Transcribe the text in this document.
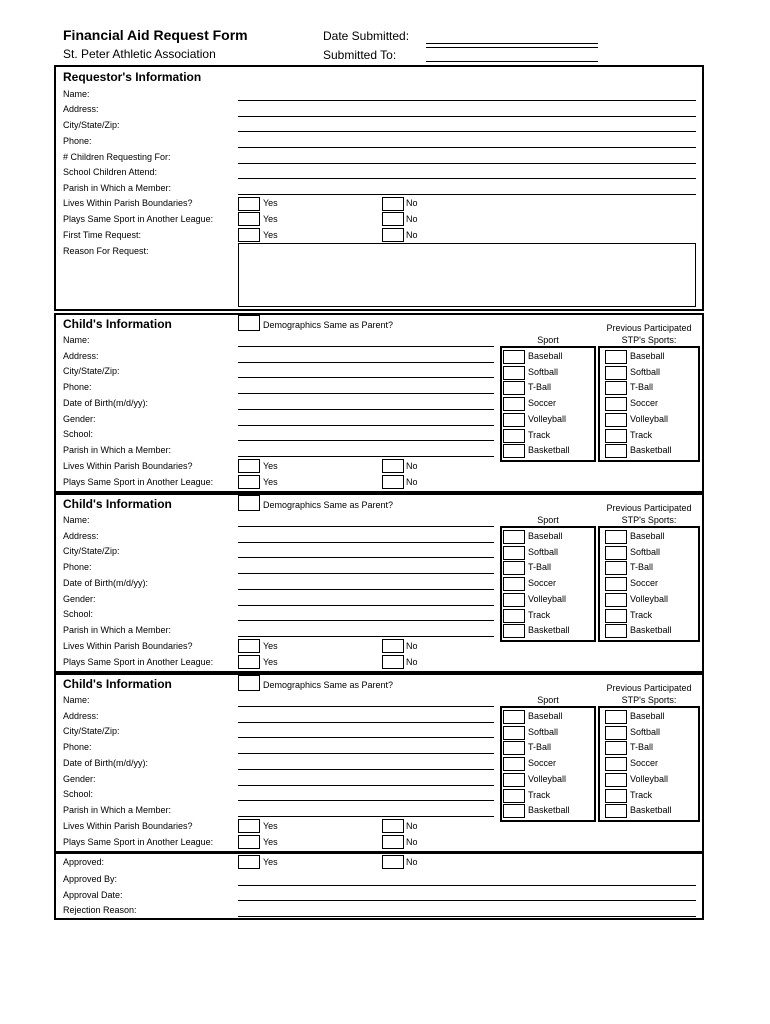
Financial Aid Request Form
St. Peter Athletic Association
Date Submitted:
Submitted To:
Requestor's Information
Name:
Address:
City/State/Zip:
Phone:
# Children Requesting For:
School Children Attend:
Parish in Which a Member:
Lives Within Parish Boundaries?	Yes	No
Plays Same Sport in Another League:	Yes	No
First Time Request:	Yes	No
Reason For Request:
Child's Information	Demographics Same as Parent?
Name:
Address:
City/State/Zip:
Phone:
Date of Birth(m/d/yy):
Gender:
School:
Parish in Which a Member:
Lives Within Parish Boundaries?	Yes	No
Plays Same Sport in Another League:	Yes	No
Sport
Previous Participated
STP's Sports:
Baseball	Baseball
Softball	Softball
T-Ball	T-Ball
Soccer	Soccer
Volleyball	Volleyball
Track	Track
Basketball	Basketball
Child's Information	Demographics Same as Parent?
Name:
Address:
City/State/Zip:
Phone:
Date of Birth(m/d/yy):
Gender:
School:
Parish in Which a Member:
Lives Within Parish Boundaries?	Yes	No
Plays Same Sport in Another League:	Yes	No
Sport
Previous Participated
STP's Sports:
Baseball	Baseball
Softball	Softball
T-Ball	T-Ball
Soccer	Soccer
Volleyball	Volleyball
Track	Track
Basketball	Basketball
Child's Information	Demographics Same as Parent?
Name:
Address:
City/State/Zip:
Phone:
Date of Birth(m/d/yy):
Gender:
School:
Parish in Which a Member:
Lives Within Parish Boundaries?	Yes	No
Plays Same Sport in Another League:	Yes	No
Sport
Previous Participated
STP's Sports:
Baseball	Baseball
Softball	Softball
T-Ball	T-Ball
Soccer	Soccer
Volleyball	Volleyball
Track	Track
Basketball	Basketball
Approved:	Yes	No
Approved By:
Approval Date:
Rejection Reason:
